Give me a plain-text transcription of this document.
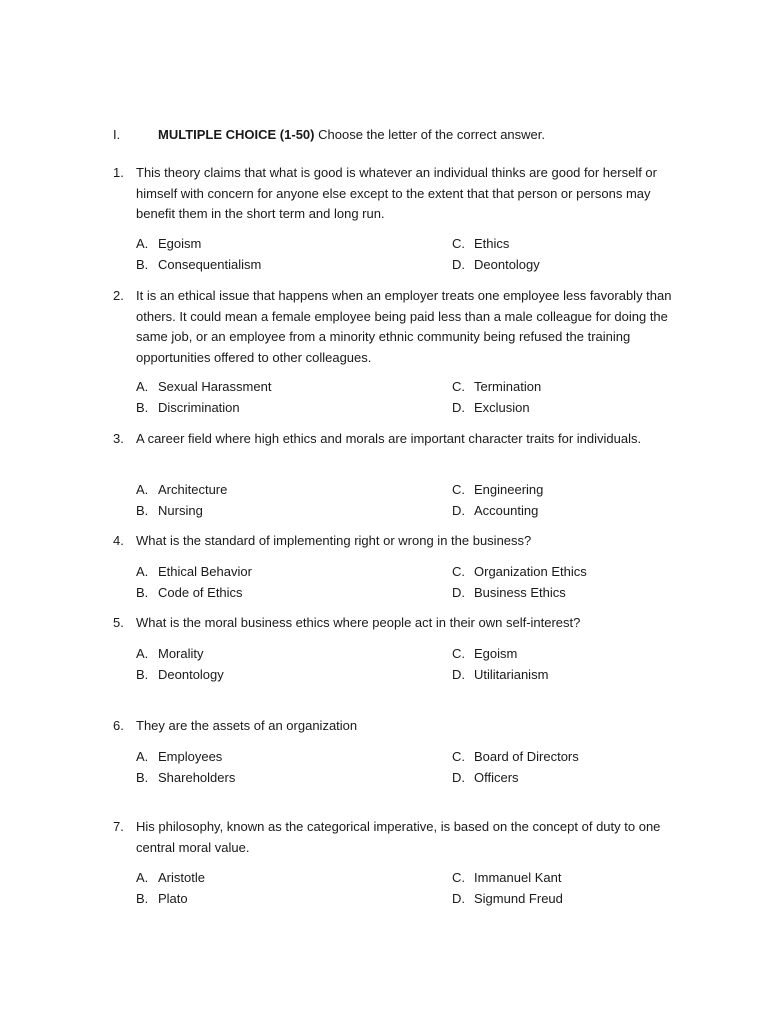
I.	MULTIPLE CHOICE (1-50) Choose the letter of the correct answer.
1. This theory claims that what is good is whatever an individual thinks are good for herself or himself with concern for anyone else except to the extent that that person or persons may benefit them in the short term and long run.
A. Egoism
B. Consequentialism
C. Ethics
D. Deontology
2. It is an ethical issue that happens when an employer treats one employee less favorably than others. It could mean a female employee being paid less than a male colleague for doing the same job, or an employee from a minority ethnic community being refused the training opportunities offered to other colleagues.
A. Sexual Harassment
B. Discrimination
C. Termination
D. Exclusion
3. A career field where high ethics and morals are important character traits for individuals.
A. Architecture
B. Nursing
C. Engineering
D. Accounting
4. What is the standard of implementing right or wrong in the business?
A. Ethical Behavior
B. Code of Ethics
C. Organization Ethics
D. Business Ethics
5. What is the moral business ethics where people act in their own self-interest?
A. Morality
B. Deontology
C. Egoism
D. Utilitarianism
6. They are the assets of an organization
A. Employees
B. Shareholders
C. Board of Directors
D. Officers
7. His philosophy, known as the categorical imperative, is based on the concept of duty to one central moral value.
A. Aristotle
B. Plato
C. Immanuel Kant
D. Sigmund Freud
